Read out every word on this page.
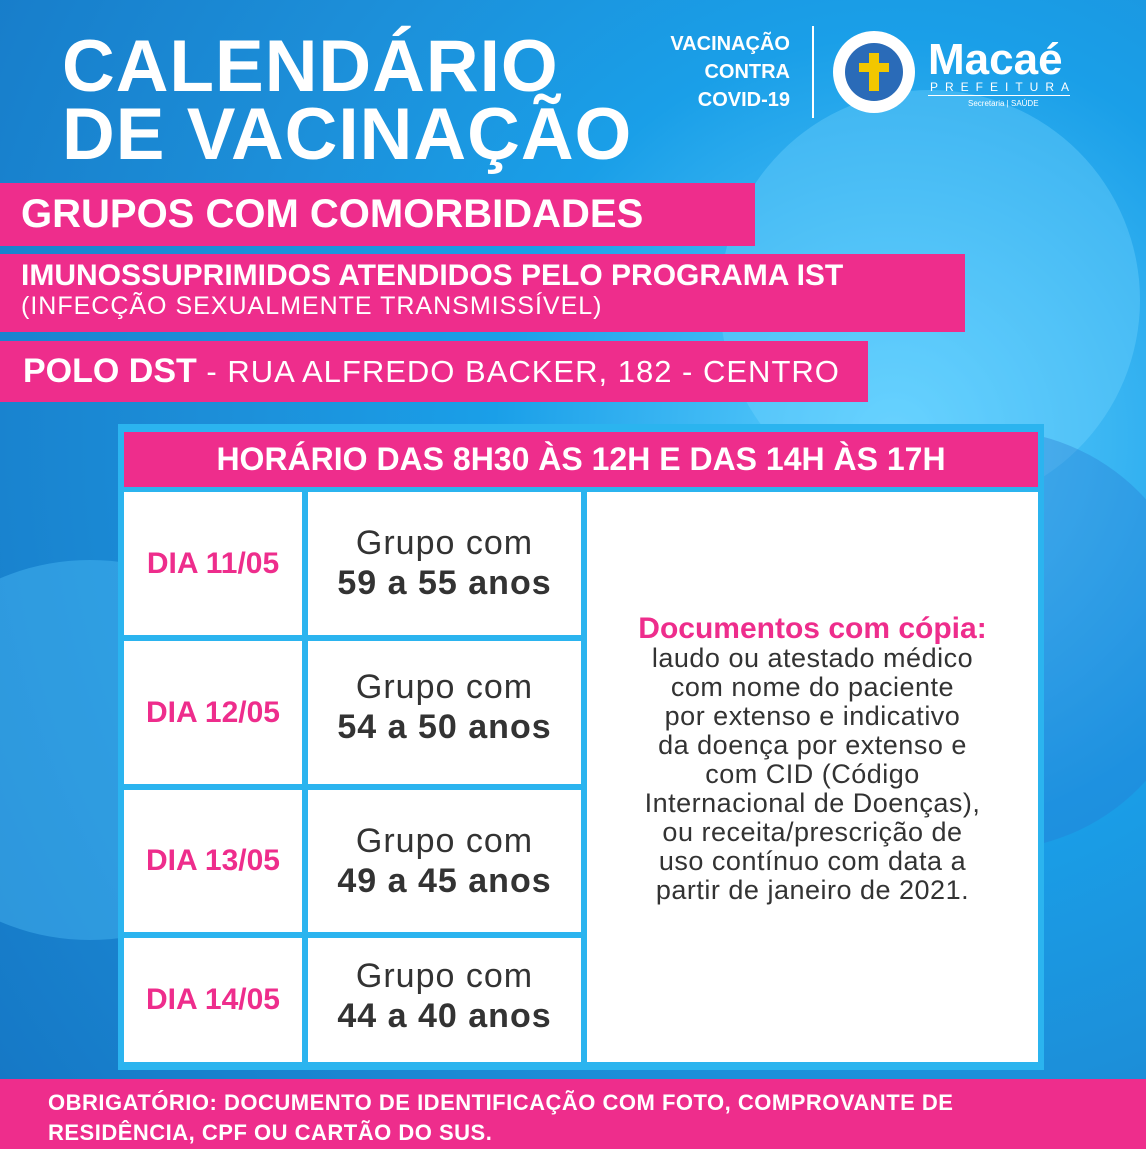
CALENDÁRIO
DE VACINAÇÃO
VACINAÇÃO
CONTRA
COVID-19
Macaé
PREFEITURA
Secretaria | SAÚDE
GRUPOS COM COMORBIDADES
IMUNOSSUPRIMIDOS ATENDIDOS PELO PROGRAMA IST
(INFECÇÃO SEXUALMENTE TRANSMISSÍVEL)
POLO DST - RUA ALFREDO BACKER, 182 - CENTRO
HORÁRIO DAS 8H30 ÀS 12H E DAS 14H ÀS 17H
DIA 11/05
Grupo com
59 a 55 anos
DIA 12/05
Grupo com
54 a 50 anos
DIA 13/05
Grupo com
49 a 45 anos
DIA 14/05
Grupo com
44 a 40 anos
Documentos com cópia:
laudo ou atestado médico
com nome do paciente
por extenso e indicativo
da doença por extenso e
com CID (Código
Internacional de Doenças),
ou receita/prescrição de
uso contínuo com data a
partir de janeiro de 2021.
OBRIGATÓRIO: DOCUMENTO DE IDENTIFICAÇÃO COM FOTO, COMPROVANTE DE
RESIDÊNCIA, CPF OU CARTÃO DO SUS.
